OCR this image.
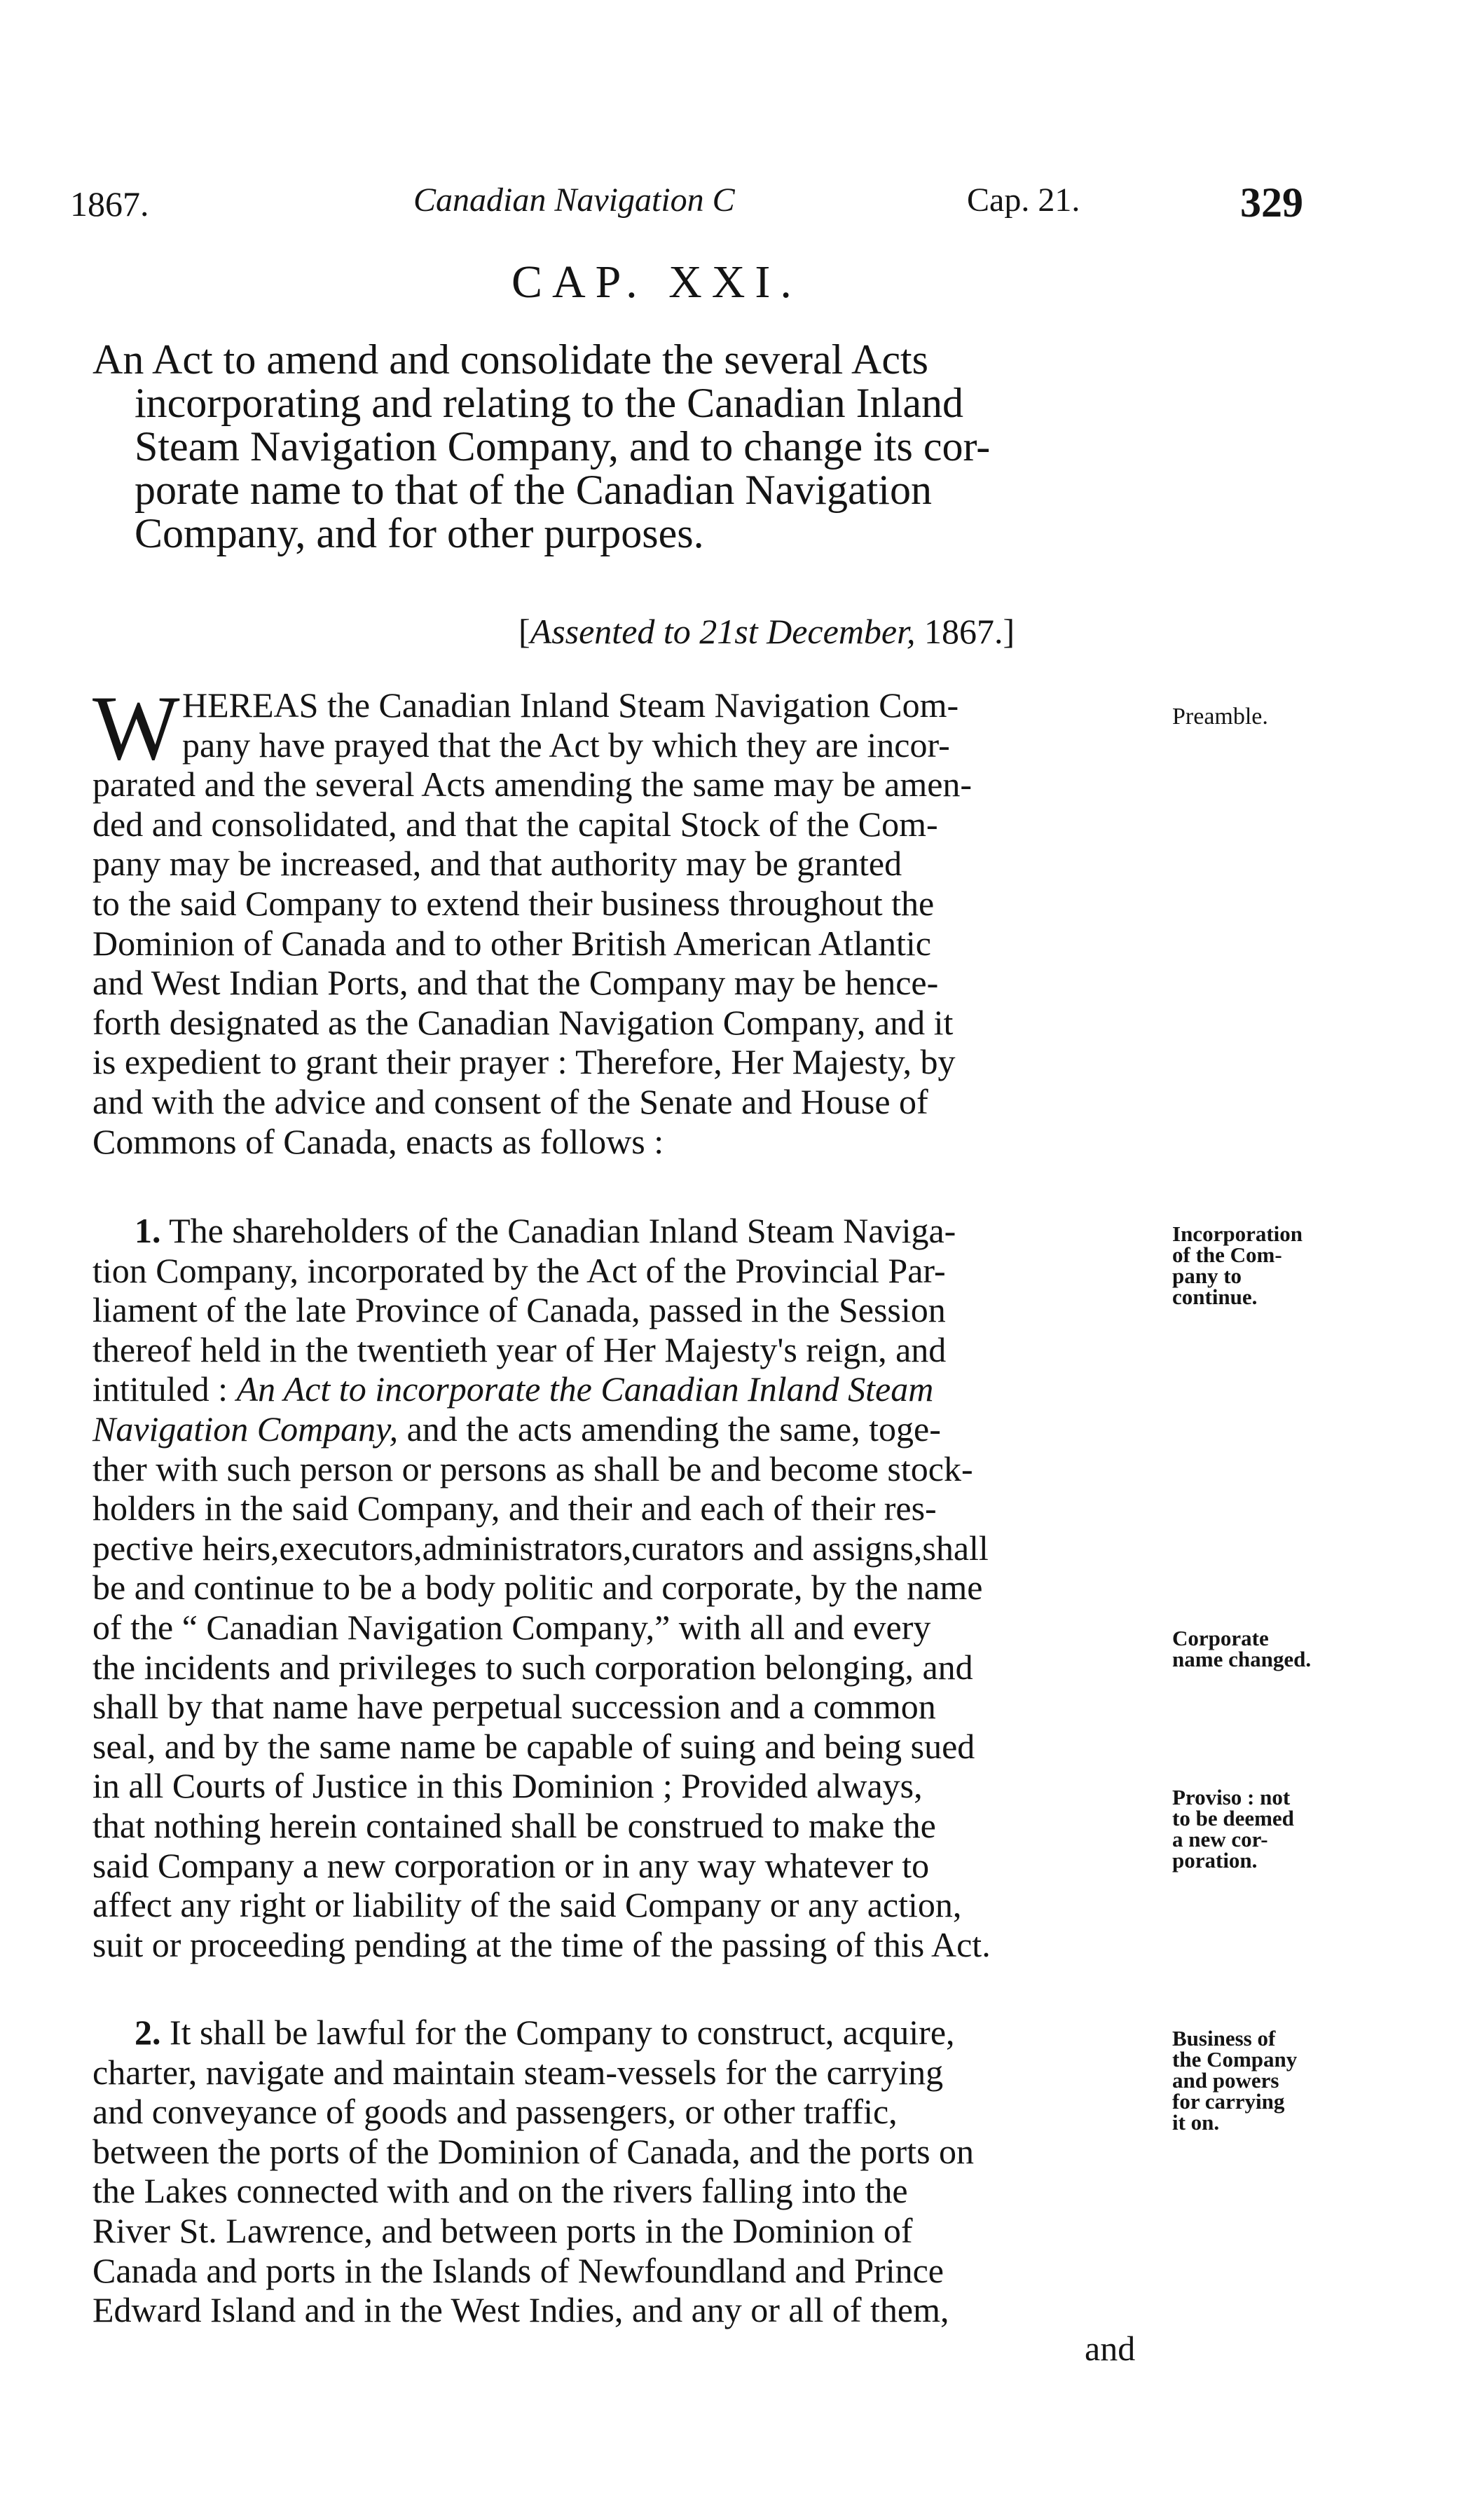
1867.	Canadian Navigation C	Cap. 21.	329
CAP. XXI.
An Act to amend and consolidate the several Acts
incorporating and relating to the Canadian Inland
Steam Navigation Company, and to change its cor-
porate name to that of the Canadian Navigation
Company, and for other purposes.
[Assented to 21st December, 1867.]
W HEREAS the Canadian Inland Steam Navigation Com-
pany have prayed that the Act by which they are incor-
parated and the several Acts amending the same may be amen-
ded and consolidated, and that the capital Stock of the Com-
pany may be increased, and that authority may be granted
to the said Company to extend their business throughout the
Dominion of Canada and to other British American Atlantic
and West Indian Ports, and that the Company may be hence-
forth designated as the Canadian Navigation Company, and it
is expedient to grant their prayer : Therefore, Her Majesty, by
and with the advice and consent of the Senate and House of
Commons of Canada, enacts as follows :
1. The shareholders of the Canadian Inland Steam Naviga-
tion Company, incorporated by the Act of the Provincial Par-
liament of the late Province of Canada, passed in the Session
thereof held in the twentieth year of Her Majesty's reign, and
intituled : An Act to incorporate the Canadian Inland Steam
Navigation Company, and the acts amending the same, toge-
ther with such person or persons as shall be and become stock-
holders in the said Company, and their and each of their res-
pective heirs,executors,administrators,curators and assigns,shall
be and continue to be a body politic and corporate, by the name
of the “ Canadian Navigation Company,” with all and every
the incidents and privileges to such corporation belonging, and
shall by that name have perpetual succession and a common
seal, and by the same name be capable of suing and being sued
in all Courts of Justice in this Dominion ; Provided always,
that nothing herein contained shall be construed to make the
said Company a new corporation or in any way whatever to
affect any right or liability of the said Company or any action,
suit or proceeding pending at the time of the passing of this Act.
2. It shall be lawful for the Company to construct, acquire,
charter, navigate and maintain steam-vessels for the carrying
and conveyance of goods and passengers, or other traffic,
between the ports of the Dominion of Canada, and the ports on
the Lakes connected with and on the rivers falling into the
River St. Lawrence, and between ports in the Dominion of
Canada and ports in the Islands of Newfoundland and Prince
Edward Island and in the West Indies, and any or all of them,
and
Preamble.
Incorporation
of the Com-
pany to
continue.
Corporate
name changed.
Proviso : not
to be deemed
a new cor-
poration.
Business of
the Company
and powers
for carrying
it on.
